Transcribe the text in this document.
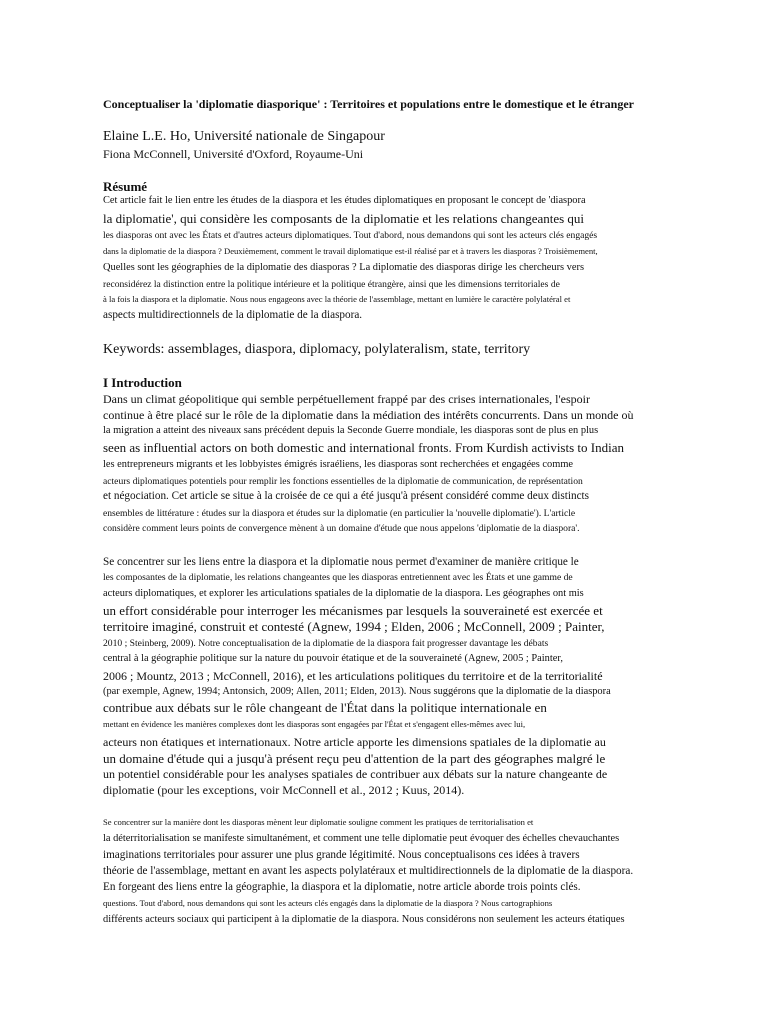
Conceptualiser la 'diplomatie diasporique' : Territoires et populations entre le domestique et le étranger
Elaine L.E. Ho, Université nationale de Singapour
Fiona McConnell, Université d'Oxford, Royaume-Uni
Résumé
Cet article fait le lien entre les études de la diaspora et les études diplomatiques en proposant le concept de 'diaspora
la diplomatie', qui considère les composants de la diplomatie et les relations changeantes qui
les diasporas ont avec les États et d'autres acteurs diplomatiques. Tout d'abord, nous demandons qui sont les acteurs clés engagés
dans la diplomatie de la diaspora ? Deuxièmement, comment le travail diplomatique est-il réalisé par et à travers les diasporas ? Troisièmement,
Quelles sont les géographies de la diplomatie des diasporas ? La diplomatie des diasporas dirige les chercheurs vers
reconsidérez la distinction entre la politique intérieure et la politique étrangère, ainsi que les dimensions territoriales de
à la fois la diaspora et la diplomatie. Nous nous engageons avec la théorie de l'assemblage, mettant en lumière le caractère polylatéral et
aspects multidirectionnels de la diplomatie de la diaspora.
Keywords: assemblages, diaspora, diplomacy, polylateralism, state, territory
I Introduction
Dans un climat géopolitique qui semble perpétuellement frappé par des crises internationales, l'espoir
continue à être placé sur le rôle de la diplomatie dans la médiation des intérêts concurrents. Dans un monde où
la migration a atteint des niveaux sans précédent depuis la Seconde Guerre mondiale, les diasporas sont de plus en plus
seen as influential actors on both domestic and international fronts. From Kurdish activists to Indian
les entrepreneurs migrants et les lobbyistes émigrés israéliens, les diasporas sont recherchées et engagées comme
acteurs diplomatiques potentiels pour remplir les fonctions essentielles de la diplomatie de communication, de représentation
et négociation. Cet article se situe à la croisée de ce qui a été jusqu'à présent considéré comme deux distincts
ensembles de littérature : études sur la diaspora et études sur la diplomatie (en particulier la 'nouvelle diplomatie'). L'article
considère comment leurs points de convergence mènent à un domaine d'étude que nous appelons 'diplomatie de la diaspora'.
Se concentrer sur les liens entre la diaspora et la diplomatie nous permet d'examiner de manière critique le
les composantes de la diplomatie, les relations changeantes que les diasporas entretiennent avec les États et une gamme de
acteurs diplomatiques, et explorer les articulations spatiales de la diplomatie de la diaspora. Les géographes ont mis
un effort considérable pour interroger les mécanismes par lesquels la souveraineté est exercée et
territoire imaginé, construit et contesté (Agnew, 1994 ; Elden, 2006 ; McConnell, 2009 ; Painter,
2010 ; Steinberg, 2009). Notre conceptualisation de la diplomatie de la diaspora fait progresser davantage les débats
central à la géographie politique sur la nature du pouvoir étatique et de la souveraineté (Agnew, 2005 ; Painter,
2006 ; Mountz, 2013 ; McConnell, 2016), et les articulations politiques du territoire et de la territorialité
(par exemple, Agnew, 1994; Antonsich, 2009; Allen, 2011; Elden, 2013). Nous suggérons que la diplomatie de la diaspora
contribue aux débats sur le rôle changeant de l'État dans la politique internationale en
mettant en évidence les manières complexes dont les diasporas sont engagées par l'État et s'engagent elles-mêmes avec lui,
acteurs non étatiques et internationaux. Notre article apporte les dimensions spatiales de la diplomatie au
un domaine d'étude qui a jusqu'à présent reçu peu d'attention de la part des géographes malgré le
un potentiel considérable pour les analyses spatiales de contribuer aux débats sur la nature changeante de
diplomatie (pour les exceptions, voir McConnell et al., 2012 ; Kuus, 2014).
Se concentrer sur la manière dont les diasporas mènent leur diplomatie souligne comment les pratiques de territorialisation et
la déterritorialisation se manifeste simultanément, et comment une telle diplomatie peut évoquer des échelles chevauchantes
imaginations territoriales pour assurer une plus grande légitimité. Nous conceptualisons ces idées à travers
théorie de l'assemblage, mettant en avant les aspects polylatéraux et multidirectionnels de la diplomatie de la diaspora.
En forgeant des liens entre la géographie, la diaspora et la diplomatie, notre article aborde trois points clés.
questions. Tout d'abord, nous demandons qui sont les acteurs clés engagés dans la diplomatie de la diaspora ? Nous cartographions
différents acteurs sociaux qui participent à la diplomatie de la diaspora. Nous considérons non seulement les acteurs étatiques
